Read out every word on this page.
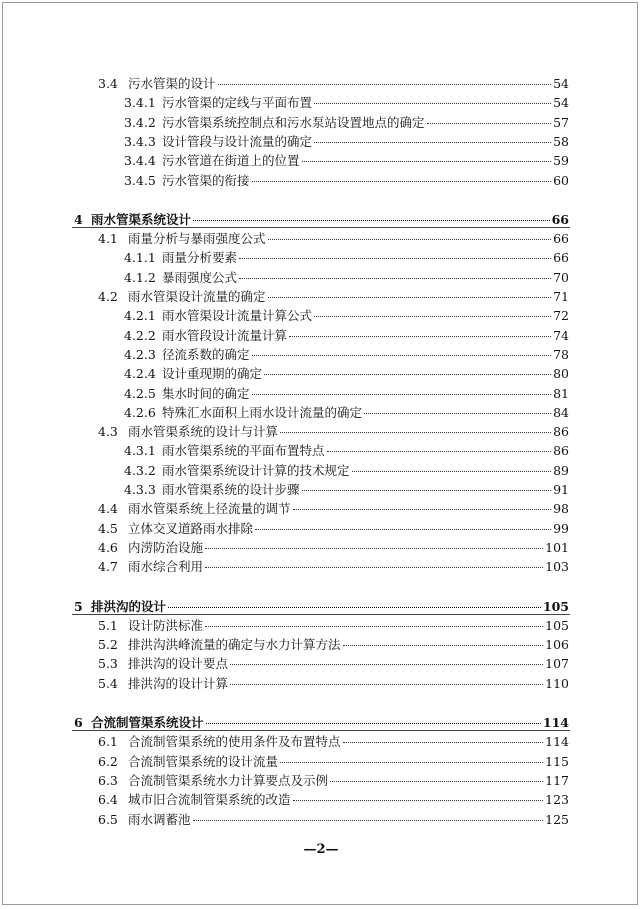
3.4 污水管渠的设计	54
3.4.1 污水管渠的定线与平面布置	54
3.4.2 污水管渠系统控制点和污水泵站设置地点的确定	57
3.4.3 设计管段与设计流量的确定	58
3.4.4 污水管道在街道上的位置	59
3.4.5 污水管渠的衔接	60
4 雨水管渠系统设计	66
4.1 雨量分析与暴雨强度公式	66
4.1.1 雨量分析要素	66
4.1.2 暴雨强度公式	70
4.2 雨水管渠设计流量的确定	71
4.2.1 雨水管渠设计流量计算公式	72
4.2.2 雨水管段设计流量计算	74
4.2.3 径流系数的确定	78
4.2.4 设计重现期的确定	80
4.2.5 集水时间的确定	81
4.2.6 特殊汇水面积上雨水设计流量的确定	84
4.3 雨水管渠系统的设计与计算	86
4.3.1 雨水管渠系统的平面布置特点	86
4.3.2 雨水管渠系统设计计算的技术规定	89
4.3.3 雨水管渠系统的设计步骤	91
4.4 雨水管渠系统上径流量的调节	98
4.5 立体交叉道路雨水排除	99
4.6 内涝防治设施	101
4.7 雨水综合利用	103
5 排洪沟的设计	105
5.1 设计防洪标准	105
5.2 排洪沟洪峰流量的确定与水力计算方法	106
5.3 排洪沟的设计要点	107
5.4 排洪沟的设计计算	110
6 合流制管渠系统设计	114
6.1 合流制管渠系统的使用条件及布置特点	114
6.2 合流制管渠系统的设计流量	115
6.3 合流制管渠系统水力计算要点及示例	117
6.4 城市旧合流制管渠系统的改造	123
6.5 雨水调蓄池	125
—2—
